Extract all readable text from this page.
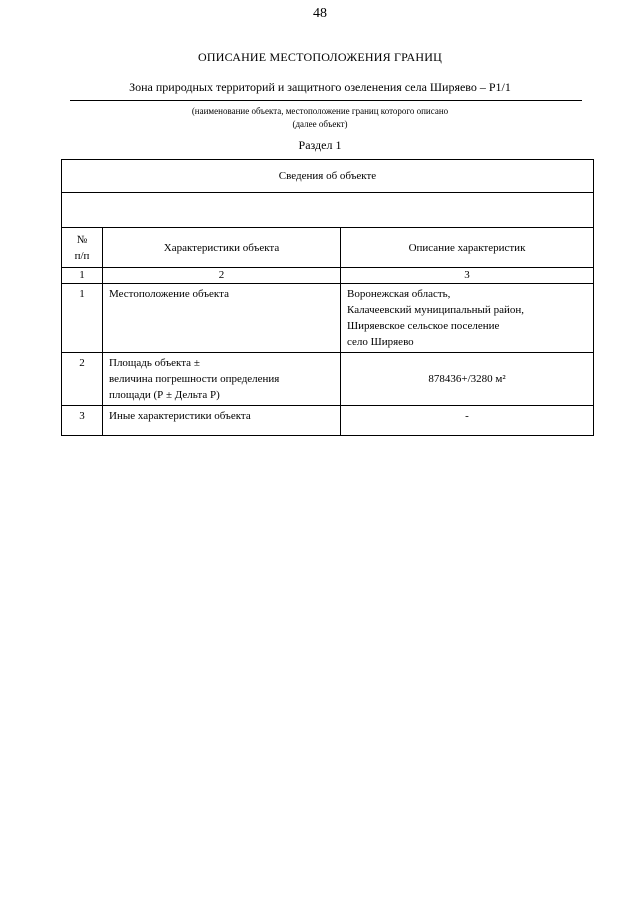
48
ОПИСАНИЕ МЕСТОПОЛОЖЕНИЯ ГРАНИЦ
Зона природных территорий и защитного озеленения села Ширяево – Р1/1
(наименование объекта, местоположение границ которого описано
(далее объект)
Раздел 1
Сведения об объекте		

№
п/п	Характеристики объекта	Описание характеристик
1	2	3
1	Местоположение объекта	Воронежская область,
Калачеевский муниципальный район,
Ширяевское сельское поселение
село Ширяево
2	Площадь объекта ±
величина погрешности определения
площади (Р ± Дельта Р)	878436+/3280 м²
3	Иные характеристики объекта	-
